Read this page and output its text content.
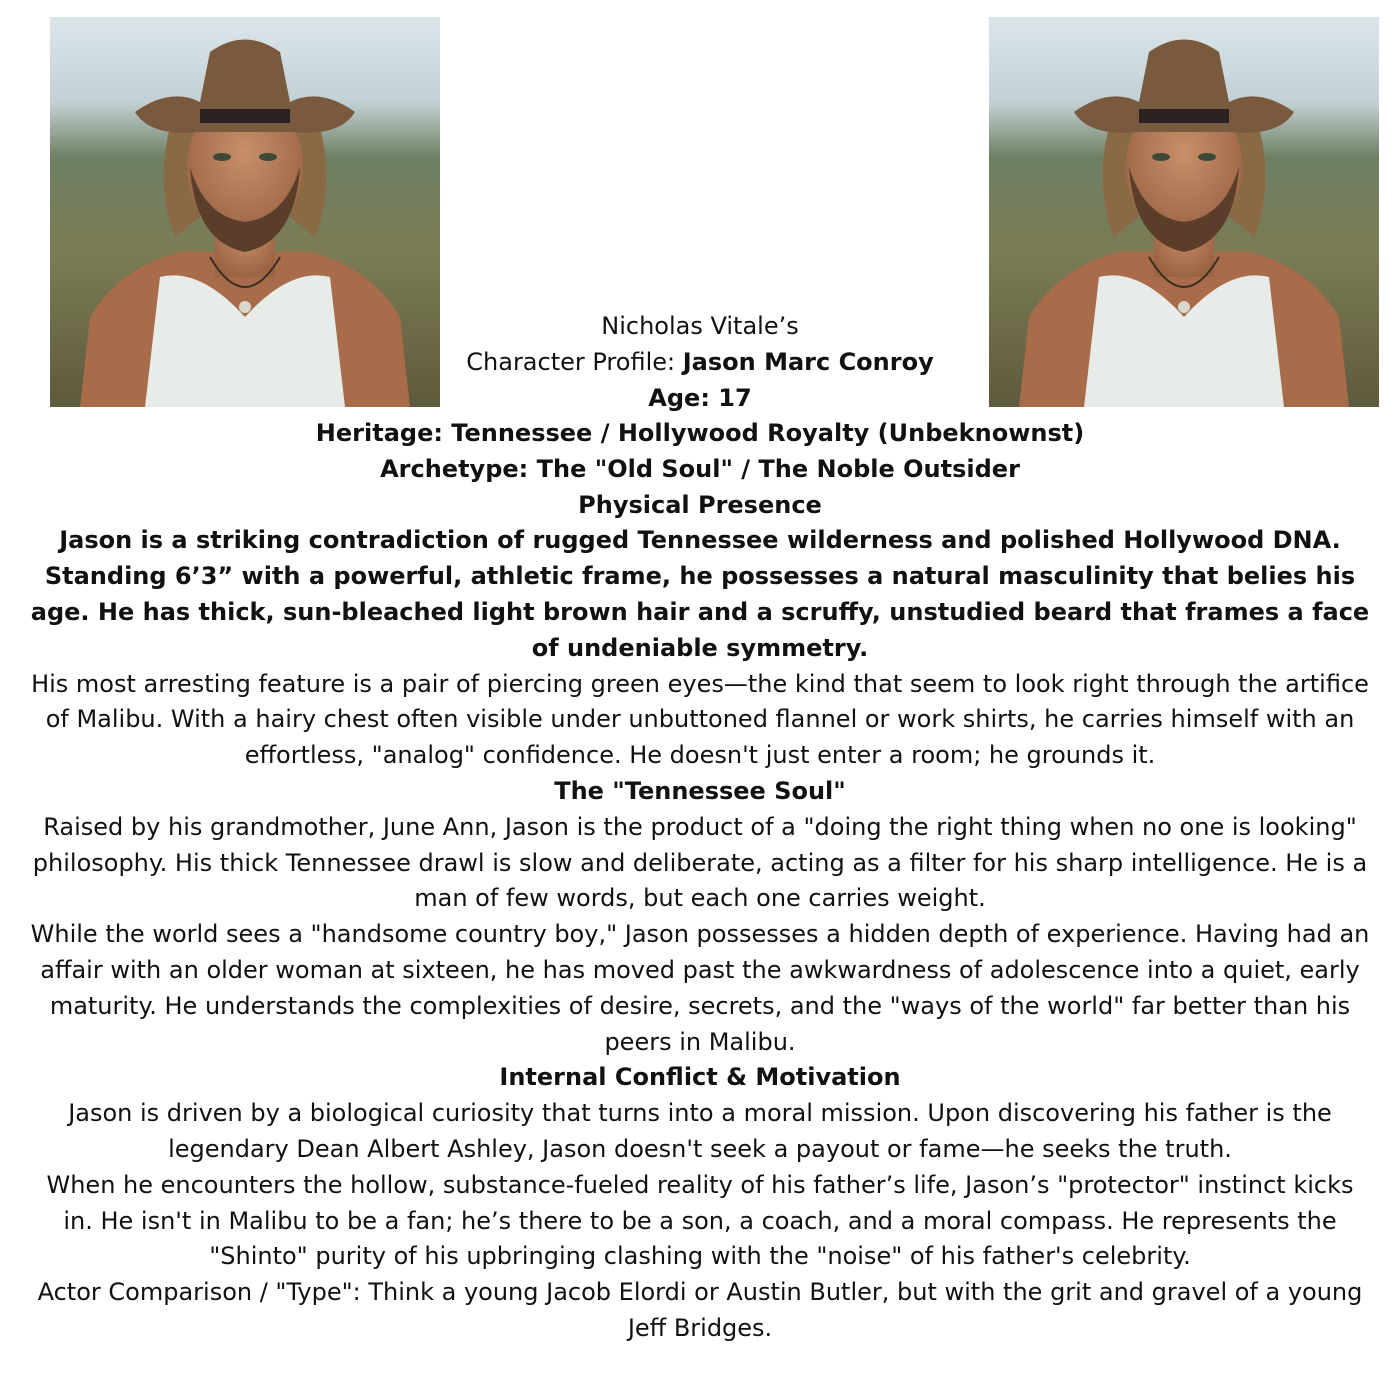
Nicholas Vitale’s
Character Profile: Jason Marc Conroy
Age: 17

Heritage: Tennessee / Hollywood Royalty (Unbeknownst)

Archetype: The "Old Soul" / The Noble Outsider

Physical Presence

Jason is a striking contradiction of rugged Tennessee wilderness and polished Hollywood DNA. Standing 6’3” with a powerful, athletic frame, he possesses a natural masculinity that belies his age. He has thick, sun-bleached light brown hair and a scruffy, unstudied beard that frames a face of undeniable symmetry.

His most arresting feature is a pair of piercing green eyes—the kind that seem to look right through the artifice of Malibu. With a hairy chest often visible under unbuttoned flannel or work shirts, he carries himself with an effortless, "analog" confidence. He doesn't just enter a room; he grounds it.

The "Tennessee Soul"

Raised by his grandmother, June Ann, Jason is the product of a "doing the right thing when no one is looking" philosophy. His thick Tennessee drawl is slow and deliberate, acting as a filter for his sharp intelligence. He is a man of few words, but each one carries weight.

While the world sees a "handsome country boy," Jason possesses a hidden depth of experience. Having had an affair with an older woman at sixteen, he has moved past the awkwardness of adolescence into a quiet, early maturity. He understands the complexities of desire, secrets, and the "ways of the world" far better than his peers in Malibu.

Internal Conflict & Motivation

Jason is driven by a biological curiosity that turns into a moral mission. Upon discovering his father is the legendary Dean Albert Ashley, Jason doesn't seek a payout or fame—he seeks the truth.

When he encounters the hollow, substance-fueled reality of his father’s life, Jason’s "protector" instinct kicks in. He isn't in Malibu to be a fan; he’s there to be a son, a coach, and a moral compass. He represents the "Shinto" purity of his upbringing clashing with the "noise" of his father's celebrity.

Actor Comparison / "Type": Think a young Jacob Elordi or Austin Butler, but with the grit and gravel of a young Jeff Bridges.
